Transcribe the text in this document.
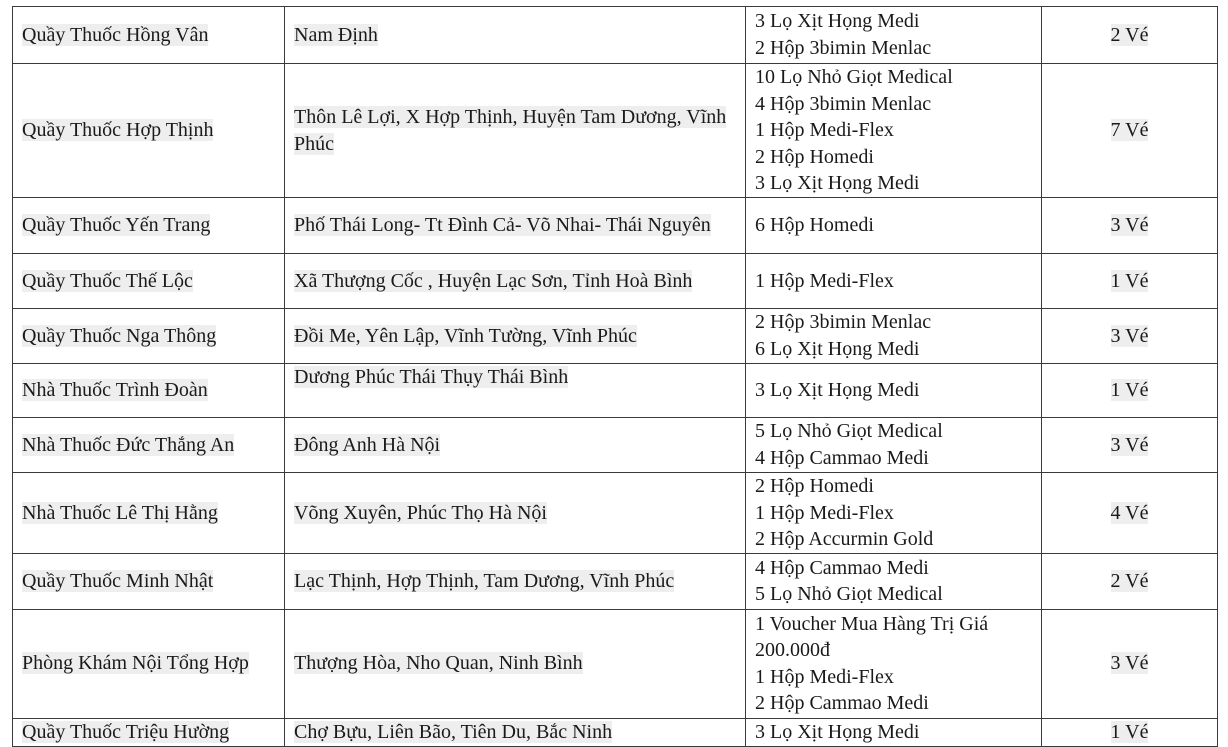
Quầy Thuốc Hồng Vân	Nam Định	3 Lọ Xịt Họng Medi
2 Hộp 3bimin Menlac	2 Vé
Quầy Thuốc Hợp Thịnh	Thôn Lê Lợi, X Hợp Thịnh, Huyện Tam Dương, Vĩnh Phúc	10 Lọ Nhỏ Giọt Medical
4 Hộp 3bimin Menlac
1 Hộp Medi-Flex
2 Hộp Homedi
3 Lọ Xịt Họng Medi	7 Vé
Quầy Thuốc Yến Trang	Phố Thái Long- Tt Đình Cả- Võ Nhai- Thái Nguyên	6 Hộp Homedi	3 Vé
Quầy Thuốc Thế Lộc	Xã Thượng Cốc , Huyện Lạc Sơn, Tỉnh Hoà Bình	1 Hộp Medi-Flex	1 Vé
Quầy Thuốc Nga Thông	Đồi Me, Yên Lập, Vĩnh Tường, Vĩnh Phúc	2 Hộp 3bimin Menlac
6 Lọ Xịt Họng Medi	3 Vé
Nhà Thuốc Trình Đoàn	Dương Phúc Thái Thụy Thái Bình	3 Lọ Xịt Họng Medi	1 Vé
Nhà Thuốc Đức Thắng An	Đông Anh Hà Nội	5 Lọ Nhỏ Giọt Medical
4 Hộp Cammao Medi	3 Vé
Nhà Thuốc Lê Thị Hằng	Võng Xuyên, Phúc Thọ Hà Nội	2 Hộp Homedi
1 Hộp Medi-Flex
2 Hộp Accurmin Gold	4 Vé
Quầy Thuốc Minh Nhật	Lạc Thịnh, Hợp Thịnh, Tam Dương, Vĩnh Phúc	4 Hộp Cammao Medi
5 Lọ Nhỏ Giọt Medical	2 Vé
Phòng Khám Nội Tổng Hợp	Thượng Hòa, Nho Quan, Ninh Bình	1 Voucher Mua Hàng Trị Giá 200.000đ
1 Hộp Medi-Flex
2 Hộp Cammao Medi	3 Vé
Quầy Thuốc Triệu Hường	Chợ Bựu, Liên Bão, Tiên Du, Bắc Ninh	3 Lọ Xịt Họng Medi	1 Vé
